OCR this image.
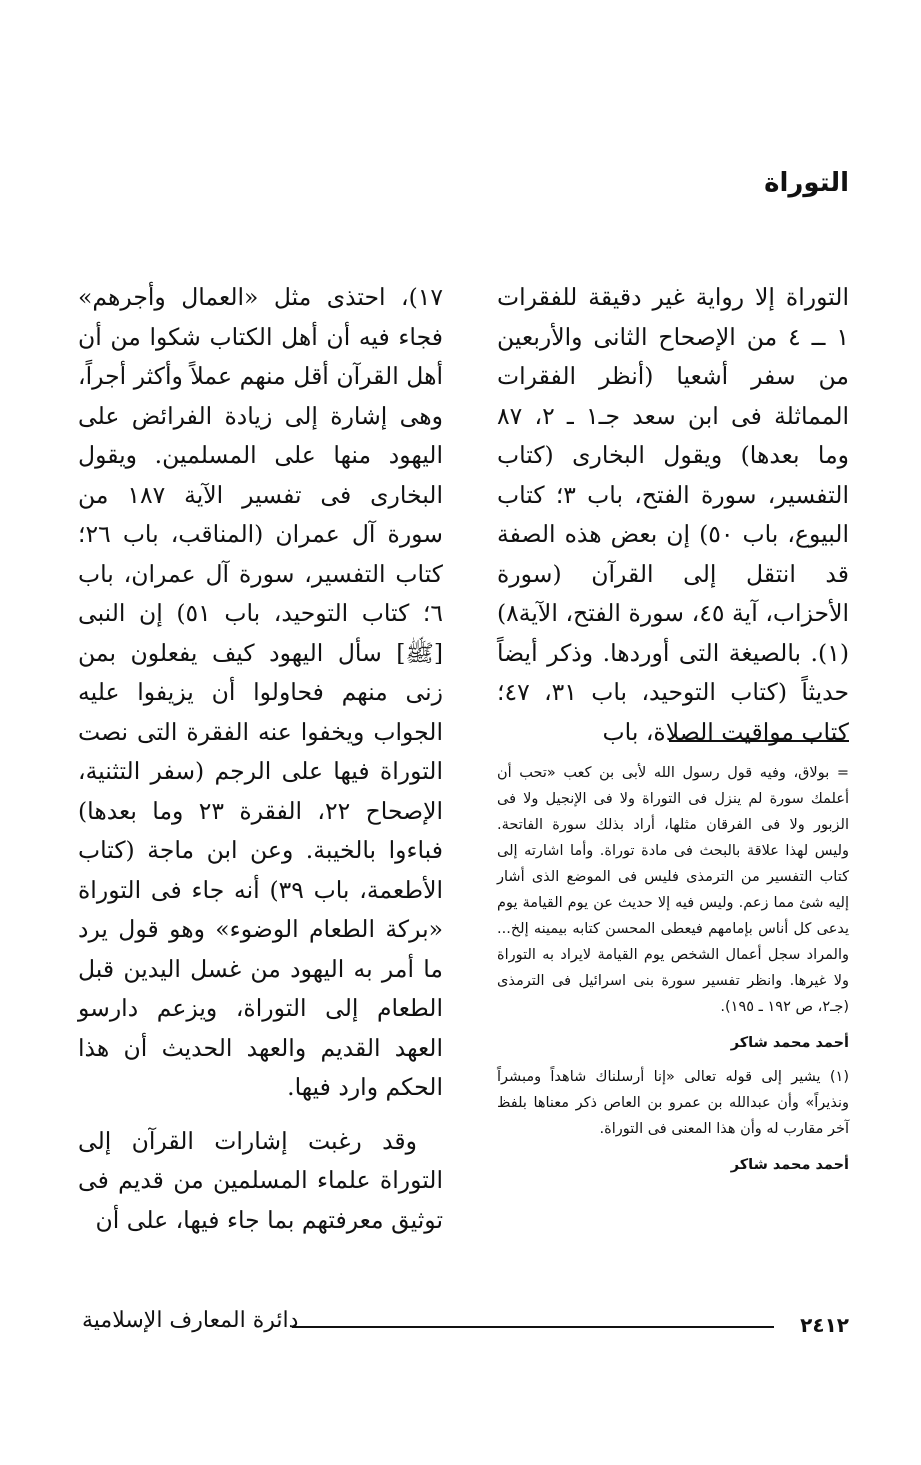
التوراة

التوراة إلا رواية غير دقيقة للفقرات ١ ــ ٤ من الإصحاح الثانى والأربعين من سفر أشعيا (أنظر الفقرات المماثلة فى ابن سعد جـ١ ـ ٢، ٨٧ وما بعدها) ويقول البخارى (كتاب التفسير، سورة الفتح، باب ٣؛ كتاب البيوع، باب ٥٠) إن بعض هذه الصفة قد انتقل إلى القرآن (سورة الأحزاب، آية ٤٥، سورة الفتح، الآية٨)(١). بالصيغة التى أوردها. وذكر أيضاً حديثاً (كتاب التوحيد، باب ٣١، ٤٧؛ كتاب مواقيت الصلاة، باب

= بولاق، وفيه قول رسول الله لأبى بن كعب «تحب أن أعلمك سورة لم ينزل فى التوراة ولا فى الإنجيل ولا فى الزبور ولا فى الفرقان مثلها، أراد بذلك سورة الفاتحة. وليس لهذا علاقة بالبحث فى مادة توراة. وأما اشارته إلى كتاب التفسير من الترمذى فليس فى الموضع الذى أشار إليه شئ مما زعم. وليس فيه إلا حديث عن يوم القيامة يوم يدعى كل أناس بإمامهم فيعطى المحسن كتابه بيمينه إلخ... والمراد سجل أعمال الشخص يوم القيامة لايراد به التوراة ولا غيرها. وانظر تفسير سورة بنى اسرائيل فى الترمذى (جـ٢، ص ١٩٢ ـ ١٩٥).

أحمد محمد شاكر

(١) يشير إلى قوله تعالى «إنا أرسلناك شاهداً ومبشراً ونذيراً» وأن عبدالله بن عمرو بن العاص ذكر معناها بلفظ آخر مقارب له وأن هذا المعنى فى التوراة.

أحمد محمد شاكر

١٧)، احتذى مثل «العمال وأجرهم» فجاء فيه أن أهل الكتاب شكوا من أن أهل القرآن أقل منهم عملاً وأكثر أجراً، وهى إشارة إلى زيادة الفرائض على اليهود منها على المسلمين. ويقول البخارى فى تفسير الآية ١٨٧ من سورة آل عمران (المناقب، باب ٢٦؛ كتاب التفسير، سورة آل عمران، باب ٦؛ كتاب التوحيد، باب ٥١) إن النبى [ﷺ] سأل اليهود كيف يفعلون بمن زنى منهم فحاولوا أن يزيفوا عليه الجواب ويخفوا عنه الفقرة التى نصت التوراة فيها على الرجم (سفر التثنية، الإصحاح ٢٢، الفقرة ٢٣ وما بعدها) فباءوا بالخيبة. وعن ابن ماجة (كتاب الأطعمة، باب ٣٩) أنه جاء فى التوراة «بركة الطعام الوضوء» وهو قول يرد ما أمر به اليهود من غسل اليدين قبل الطعام إلى التوراة، ويزعم دارسو العهد القديم والعهد الحديث أن هذا الحكم وارد فيها.

وقد رغبت إشارات القرآن إلى التوراة علماء المسلمين من قديم فى توثيق معرفتهم بما جاء فيها، على أن

٢٤١٢
دائرة المعارف الإسلامية
